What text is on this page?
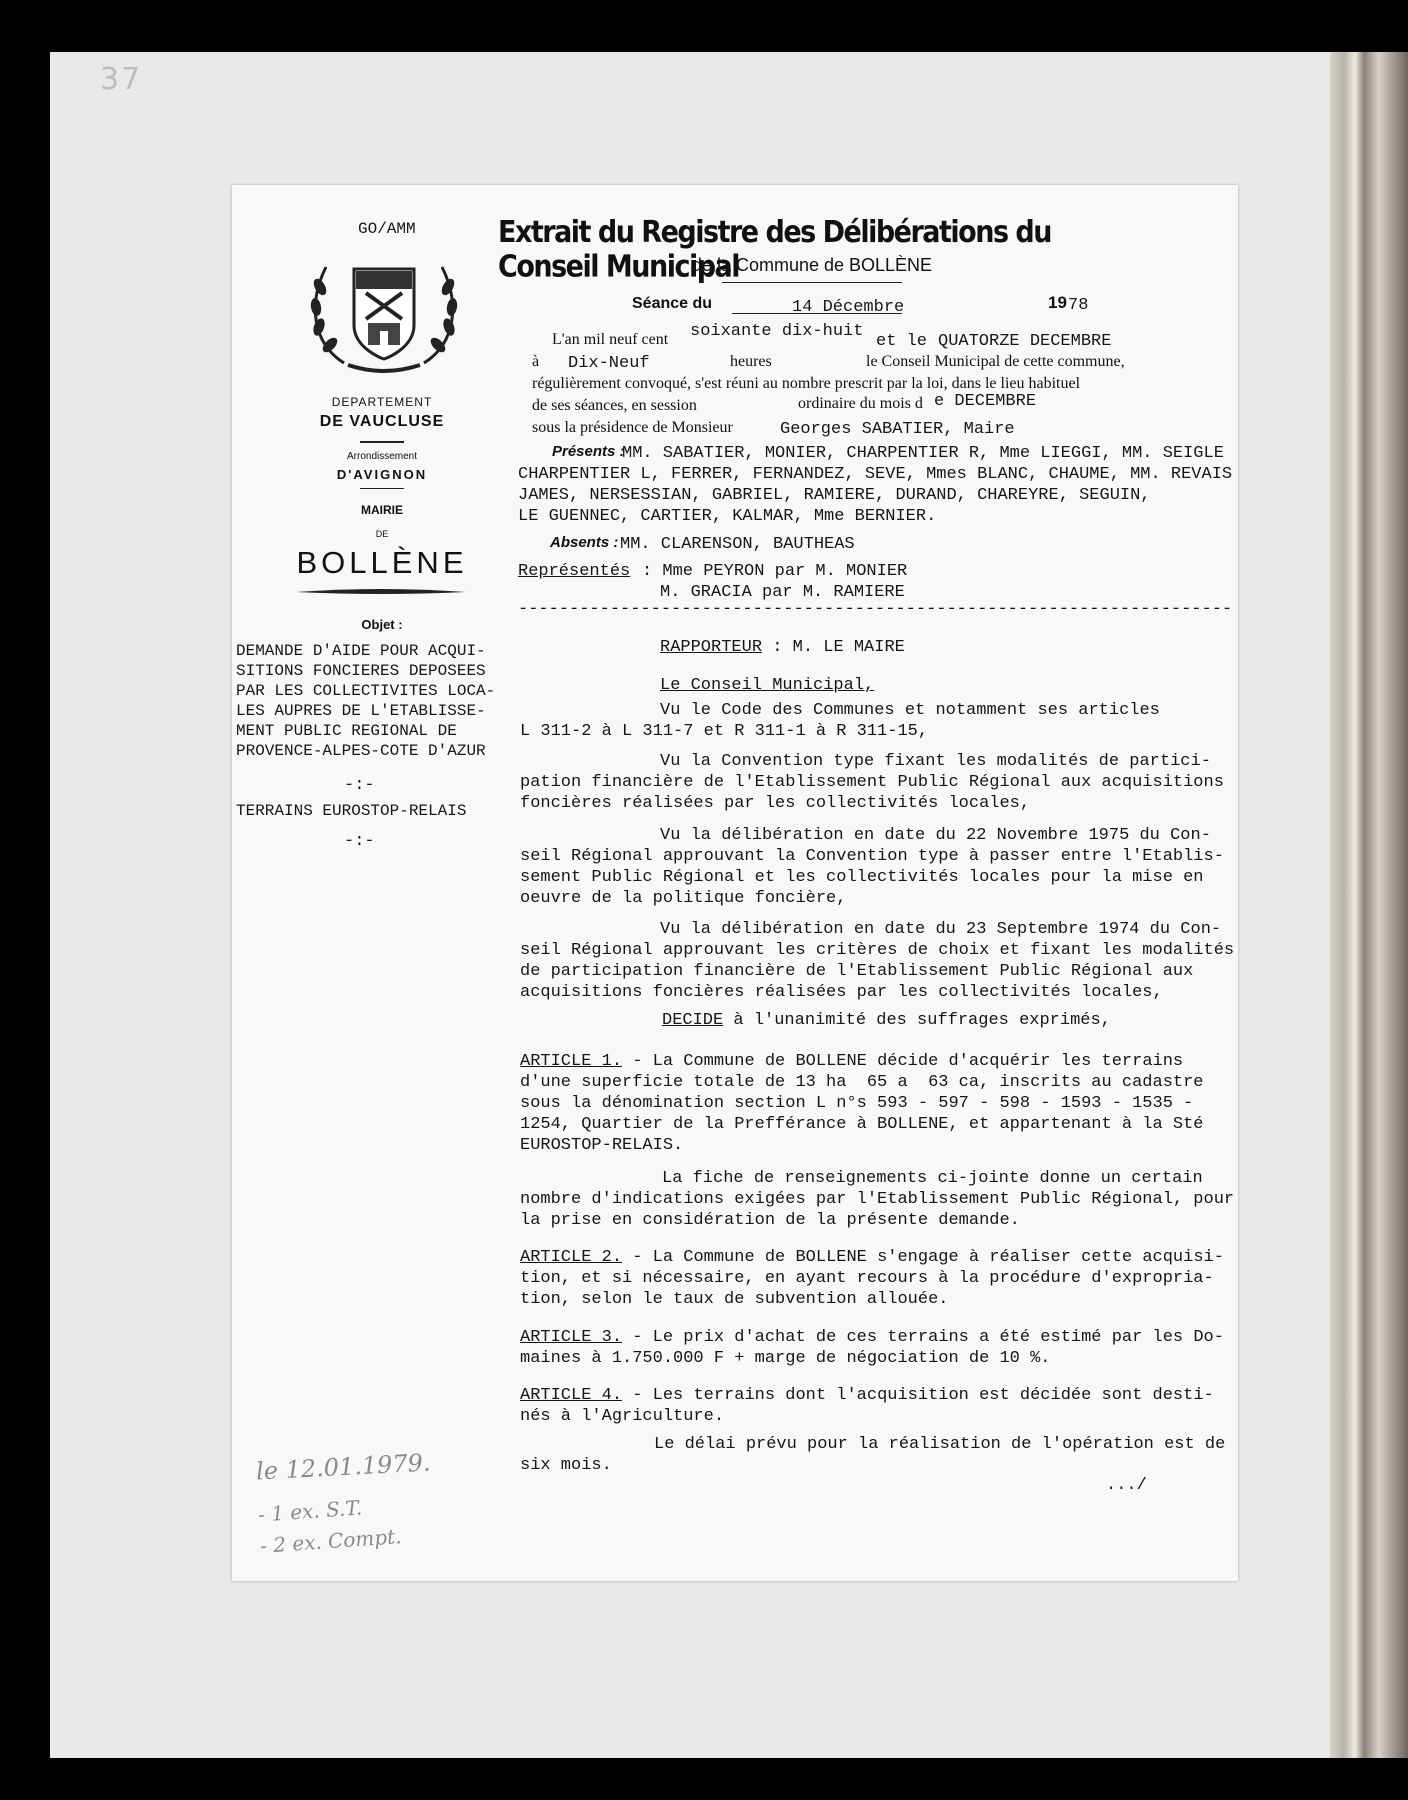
37
GO/AMM
DEPARTEMENT
DE VAUCLUSE
Arrondissement
D'AVIGNON
MAIRIE
DE
BOLLÈNE
Objet :
DEMANDE D'AIDE POUR ACQUI-
SITIONS FONCIERES DEPOSEES
PAR LES COLLECTIVITES LOCA-
LES AUPRES DE L'ETABLISSE-
MENT PUBLIC REGIONAL DE
PROVENCE-ALPES-COTE D'AZUR
-:-
TERRAINS EUROSTOP-RELAIS
-:-
le 12.01.1979.
- 1 ex. S.T.
- 2 ex. Compt.
Extrait du Registre des Délibérations du Conseil Municipal
de la Commune de BOLLÈNE
Séance du	14 Décembre	19 78
L'an mil neuf cent soixante dix-huit
et le QUATORZE DECEMBRE
à Dix-Neuf	heures	le Conseil Municipal de cette commune,
régulièrement convoqué, s'est réuni au nombre prescrit par la loi, dans le lieu habituel
de ses séances, en session	ordinaire du mois d e DECEMBRE
sous la présidence de Monsieur	Georges SABATIER, Maire
Présents :
MM. SABATIER, MONIER, CHARPENTIER R, Mme LIEGGI, MM. SEIGLE
CHARPENTIER L, FERRER, FERNANDEZ, SEVE, Mmes BLANC, CHAUME, MM. REVAIS
JAMES, NERSESSIAN, GABRIEL, RAMIERE, DURAND, CHAREYRE, SEGUIN,
LE GUENNEC, CARTIER, KALMAR, Mme BERNIER.
Absents : MM. CLARENSON, BAUTHEAS
Représentés : Mme PEYRON par M. MONIER
M. GRACIA par M. RAMIERE
----------------------------------------------------------------------
RAPPORTEUR : M. LE MAIRE
Le Conseil Municipal,
Vu le Code des Communes et notamment ses articles
L 311-2 à L 311-7 et R 311-1 à R 311-15,
Vu la Convention type fixant les modalités de partici-
pation financière de l'Etablissement Public Régional aux acquisitions
foncières réalisées par les collectivités locales,
Vu la délibération en date du 22 Novembre 1975 du Con-
seil Régional approuvant la Convention type à passer entre l'Etablis-
sement Public Régional et les collectivités locales pour la mise en
oeuvre de la politique foncière,
Vu la délibération en date du 23 Septembre 1974 du Con-
seil Régional approuvant les critères de choix et fixant les modalités
de participation financière de l'Etablissement Public Régional aux
acquisitions foncières réalisées par les collectivités locales,
DECIDE à l'unanimité des suffrages exprimés,
ARTICLE 1. - La Commune de BOLLENE décide d'acquérir les terrains
d'une superficie totale de 13 ha  65 a  63 ca, inscrits au cadastre
sous la dénomination section L n°s 593 - 597 - 598 - 1593 - 1535 -
1254, Quartier de la Prefférance à BOLLENE, et appartenant à la Sté
EUROSTOP-RELAIS.
La fiche de renseignements ci-jointe donne un certain
nombre d'indications exigées par l'Etablissement Public Régional, pour
la prise en considération de la présente demande.
ARTICLE 2. - La Commune de BOLLENE s'engage à réaliser cette acquisi-
tion, et si nécessaire, en ayant recours à la procédure d'expropria-
tion, selon le taux de subvention allouée.
ARTICLE 3. - Le prix d'achat de ces terrains a été estimé par les Do-
maines à 1.750.000 F + marge de négociation de 10 %.
ARTICLE 4. - Les terrains dont l'acquisition est décidée sont desti-
nés à l'Agriculture.
Le délai prévu pour la réalisation de l'opération est de
six mois.
.../
